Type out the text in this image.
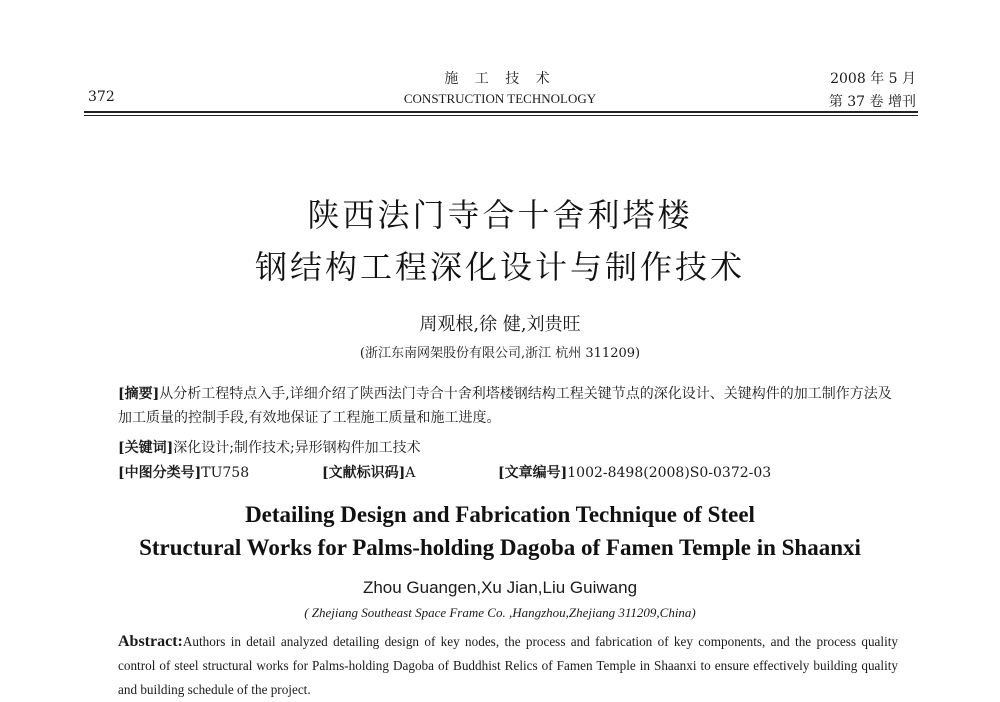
372
施 工 技 术
CONSTRUCTION TECHNOLOGY
2008 年 5 月
第 37 卷 增刊
陕西法门寺合十舍利塔楼
钢结构工程深化设计与制作技术
周观根,徐 健,刘贵旺
(浙江东南网架股份有限公司,浙江 杭州 311209)
[摘要]从分析工程特点入手,详细介绍了陕西法门寺合十舍利塔楼钢结构工程关键节点的深化设计、关键构件的加工制作方法及加工质量的控制手段,有效地保证了工程施工质量和施工进度。
[关键词]深化设计;制作技术;异形钢构件加工技术
[中图分类号]TU758	[文献标识码]A	[文章编号]1002-8498(2008)S0-0372-03
Detailing Design and Fabrication Technique of Steel
Structural Works for Palms-holding Dagoba of Famen Temple in Shaanxi
Zhou Guangen,Xu Jian,Liu Guiwang
( Zhejiang Southeast Space Frame Co. ,Hangzhou,Zhejiang 311209,China)
Abstract:Authors in detail analyzed detailing design of key nodes, the process and fabrication of key components, and the process quality control of steel structural works for Palms-holding Dagoba of Buddhist Relics of Famen Temple in Shaanxi to ensure effectively building quality and building schedule of the project.
